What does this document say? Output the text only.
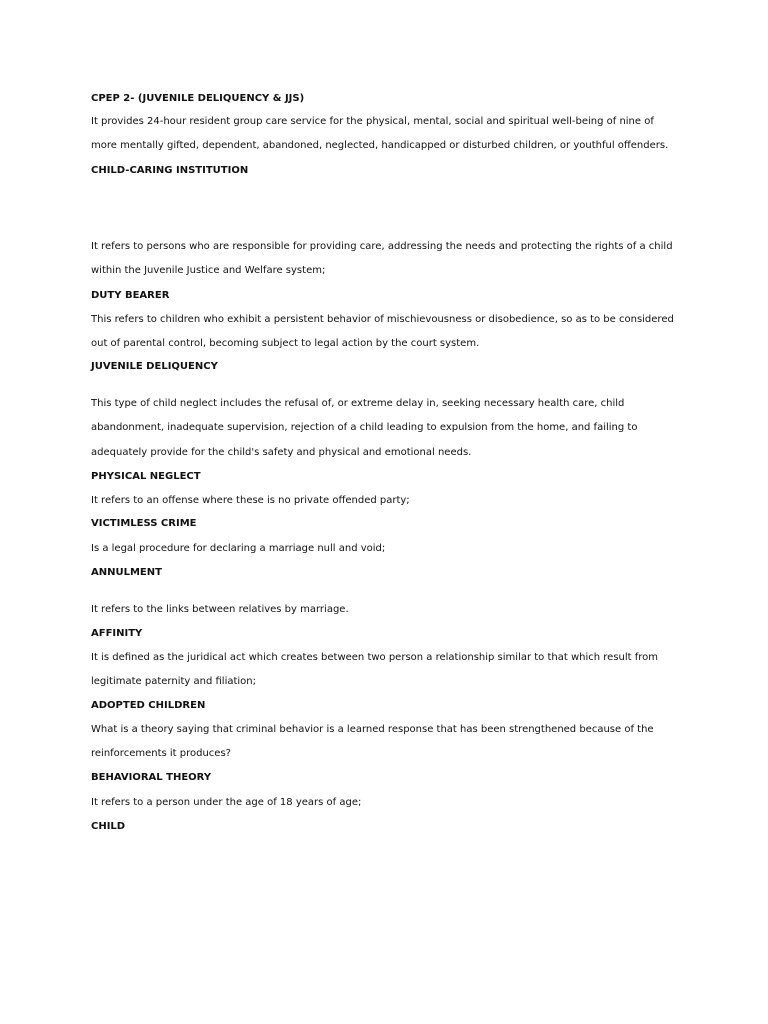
CPEP 2- (JUVENILE DELIQUENCY & JJS)
It provides 24-hour resident group care service for the physical, mental, social and spiritual well-being of nine of
more mentally gifted, dependent, abandoned, neglected, handicapped or disturbed children, or youthful offenders.
CHILD-CARING INSTITUTION
It refers to persons who are responsible for providing care, addressing the needs and protecting the rights of a child
within the Juvenile Justice and Welfare system;
DUTY BEARER
This refers to children who exhibit a persistent behavior of mischievousness or disobedience, so as to be considered
out of parental control, becoming subject to legal action by the court system.
JUVENILE DELIQUENCY
This type of child neglect includes the refusal of, or extreme delay in, seeking necessary health care, child
abandonment, inadequate supervision, rejection of a child leading to expulsion from the home, and failing to
adequately provide for the child's safety and physical and emotional needs.
PHYSICAL NEGLECT
It refers to an offense where these is no private offended party;
VICTIMLESS CRIME
Is a legal procedure for declaring a marriage null and void;
ANNULMENT
It refers to the links between relatives by marriage.
AFFINITY
It is defined as the juridical act which creates between two person a relationship similar to that which result from
legitimate paternity and filiation;
ADOPTED CHILDREN
What is a theory saying that criminal behavior is a learned response that has been strengthened because of the
reinforcements it produces?
BEHAVIORAL THEORY
It refers to a person under the age of 18 years of age;
CHILD
